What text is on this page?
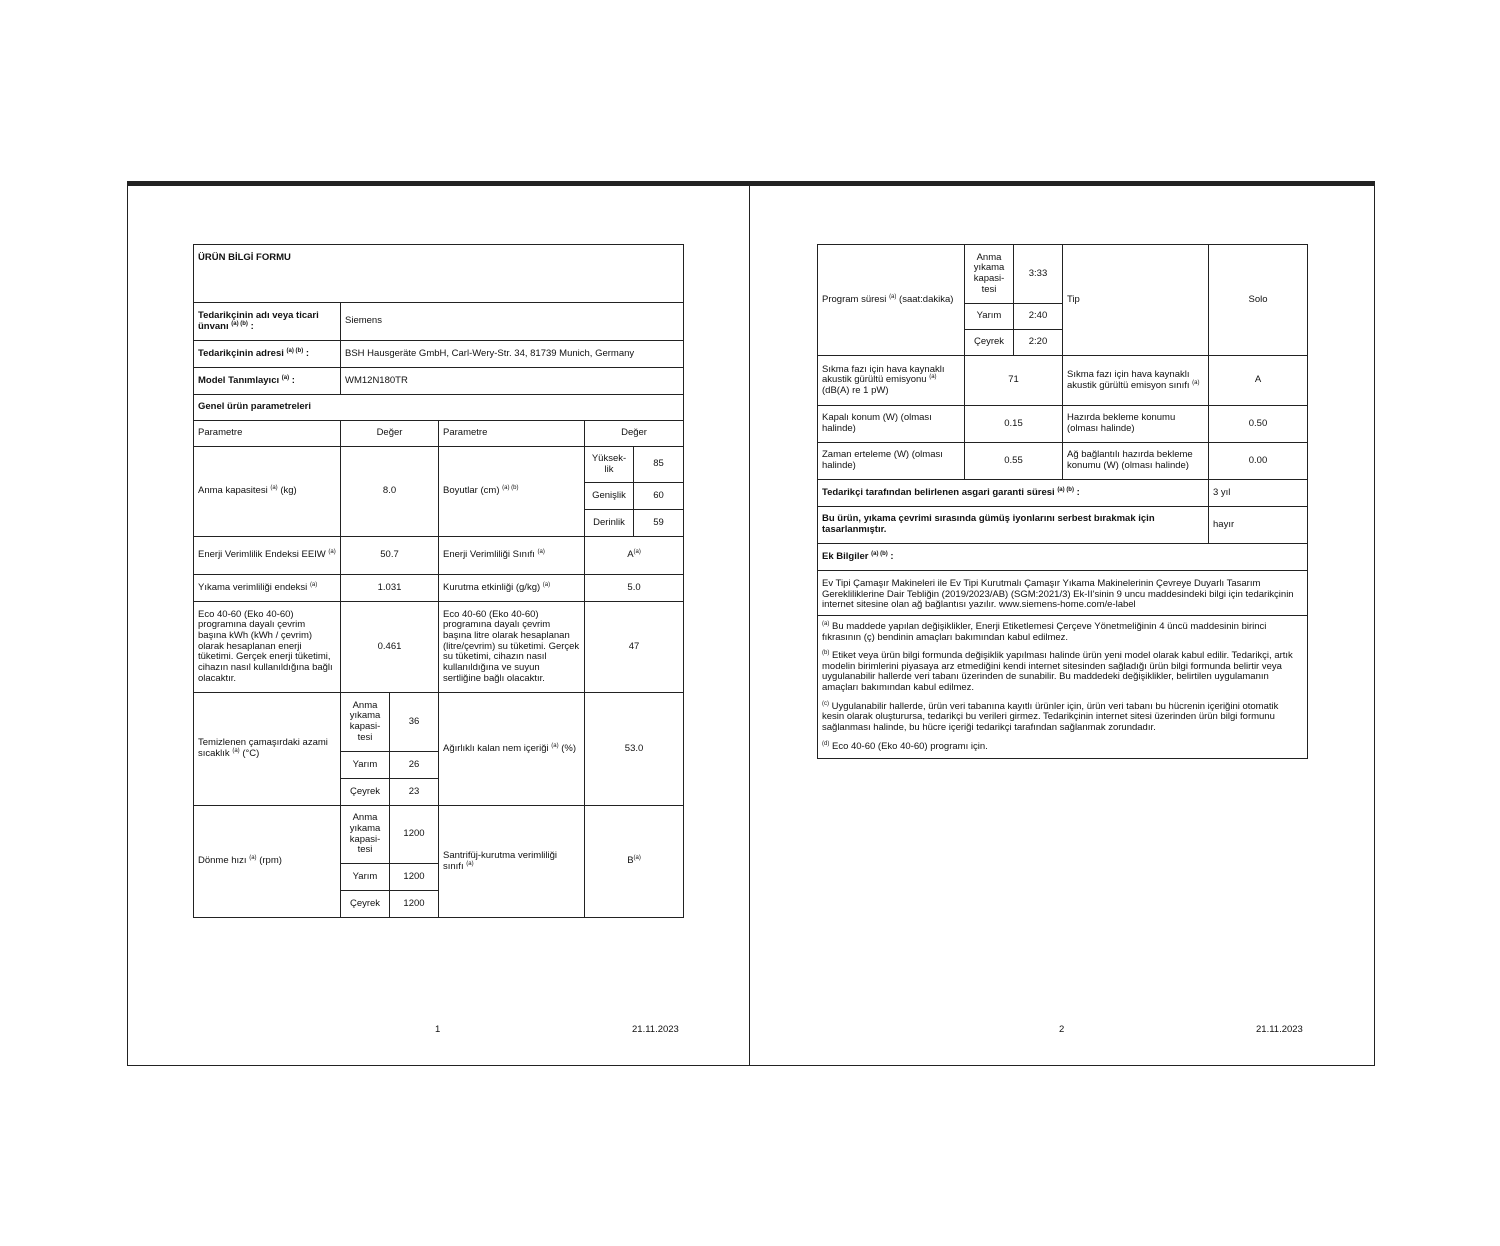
ÜRÜN BİLGİ FORMU					
Tedarikçinin adı veya ticari ünvanı $^{(a) (b)}$ :	Siemens				
Tedarikçinin adresi $^{(a) (b)}$ :	BSH Hausgeräte GmbH, Carl-Wery-Str. 34, 81739 Munich, Germany				
Model Tanımlayıcı $^{(a)}$ :	WM12N180TR				
Genel ürün parametreleri					
Parametre	Değer		Parametre	Değer	
Anma kapasitesi $^{(a)}$ (kg)	8.0		Boyutlar (cm) $^{(a) (b)}$	Yüksek-lik	85
				Genişlik	60
				Derinlik	59
Enerji Verimlilik Endeksi EEIW $^{(a)}$	50.7		Enerji Verimliliği Sınıfı $^{(a)}$	$A^{(a)}$
Yıkama verimliliği endeksi $^{(a)}$	1.031		Kurutma etkinliği (g/kg) $^{(a)}$	5.0	
Eco 40-60 (Eko 40-60) programına dayalı çevrim başına kWh (kWh / çevrim) olarak hesaplanan enerji tüketimi. Gerçek enerji tüketimi, cihazın nasıl kullanıldığına bağlı olacaktır.	0.461		Eco 40-60 (Eko 40-60) programına dayalı çevrim başına litre olarak hesaplanan (litre/çevrim) su tüketimi. Gerçek su tüketimi, cihazın nasıl kullanıldığına ve suyun sertliğine bağlı olacaktır.	47	
Temizlenen çamaşırdaki azami sıcaklık $^{(a)}$ (°C)	Anma yıkama kapasi-tesi	36	Ağırlıklı kalan nem içeriği $^{(a)}$ (%)	53.0	
	Yarım	26			
	Çeyrek	23			
Dönme hızı $^{(a)}$ (rpm)	Anma yıkama kapasi-tesi	1200	Santrifüj-kurutma verimliliği sınıfı $^{(a)}$	$B^{(a)}$
	Yarım	1200			
	Çeyrek	1200			
1	21.11.2023
Program süresi $^{(a)}$ (saat:dakika)	Anma yıkama kapasi-tesi	3:33	Tip	Solo
	Yarım	2:40		
	Çeyrek	2:20		
Sıkma fazı için hava kaynaklı akustik gürültü emisyonu $^{(a)}$ (dB(A) re 1 pW)	71		Sıkma fazı için hava kaynaklı akustik gürültü emisyon sınıfı $^{(a)}$	A
Kapalı konum (W) (olması halinde)	0.15		Hazırda bekleme konumu (olması halinde)	0.50
Zaman erteleme (W) (olması halinde)	0.55		Ağ bağlantılı hazırda bekleme konumu (W) (olması halinde)	0.00
Tedarikçi tarafından belirlenen asgari garanti süresi $^{(a) (b)}$ :				3 yıl
Bu ürün, yıkama çevrimi sırasında gümüş iyonlarını serbest bırakmak için tasarlanmıştır.				hayır
Ek Bilgiler $^{(a) (b)}$ :				
Ev Tipi Çamaşır Makineleri ile Ev Tipi Kurutmalı Çamaşır Yıkama Makinelerinin Çevreye Duyarlı Tasarım Gerekliliklerine Dair Tebliğin (2019/2023/AB) (SGM:2021/3) Ek-II'sinin 9 uncu maddesindeki bilgi için tedarikçinin internet sitesine olan ağ bağlantısı yazılır. www.siemens-home.com/e-label				

$^{(a)}$ Bu maddede yapılan değişiklikler, Enerji Etiketlemesi Çerçeve Yönetmeliğinin 4 üncü maddesinin birinci fıkrasının (ç) bendinin amaçları bakımından kabul edilmez.
$^{(b)}$ Etiket veya ürün bilgi formunda değişiklik yapılması halinde ürün yeni model olarak kabul edilir. Tedarikçi, artık modelin birimlerini piyasaya arz etmediğini kendi internet sitesinden sağladığı ürün bilgi formunda belirtir veya uygulanabilir hallerde veri tabanı üzerinden de sunabilir. Bu maddedeki değişiklikler, belirtilen uygulamanın amaçları bakımından kabul edilmez.
$^{(c)}$ Uygulanabilir hallerde, ürün veri tabanına kayıtlı ürünler için, ürün veri tabanı bu hücrenin içeriğini otomatik kesin olarak oluşturursa, tedarikçi bu verileri girmez. Tedarikçinin internet sitesi üzerinden ürün bilgi formunu sağlanması halinde, bu hücre içeriği tedarikçi tarafından sağlanmak zorundadır.
$^{(d)}$ Eco 40-60 (Eko 40-60) programı için.				
2	21.11.2023
